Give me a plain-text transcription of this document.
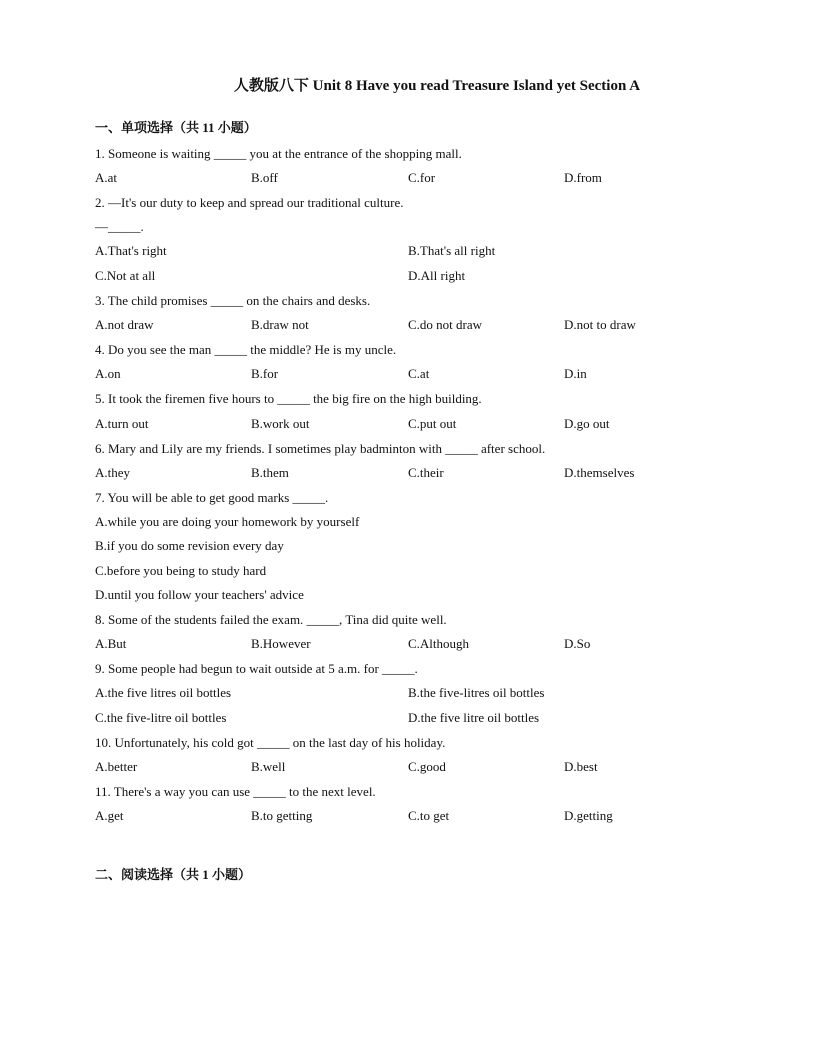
人教版八下 Unit 8 Have you read Treasure Island yet Section A
一、单项选择（共 11 小题）
1. Someone is waiting _____ you at the entrance of the shopping mall.
A.at	B.off	C.for	D.from
2. —It's our duty to keep and spread our traditional culture.
—_____.
A.That's right	B.That's all right
C.Not at all	D.All right
3. The child promises _____ on the chairs and desks.
A.not draw	B.draw not	C.do not draw	D.not to draw
4. Do you see the man _____ the middle? He is my uncle.
A.on	B.for	C.at	D.in
5. It took the firemen five hours to _____ the big fire on the high building.
A.turn out	B.work out	C.put out	D.go out
6. Mary and Lily are my friends. I sometimes play badminton with _____ after school.
A.they	B.them	C.their	D.themselves
7. You will be able to get good marks _____.
A.while you are doing your homework by yourself
B.if you do some revision every day
C.before you being to study hard
D.until you follow your teachers' advice
8. Some of the students failed the exam. _____, Tina did quite well.
A.But	B.However	C.Although	D.So
9. Some people had begun to wait outside at 5 a.m. for _____.
A.the five litres oil bottles	B.the five-litres oil bottles
C.the five-litre oil bottles	D.the five litre oil bottles
10. Unfortunately, his cold got _____ on the last day of his holiday.
A.better	B.well	C.good	D.best
11. There's a way you can use _____ to the next level.
A.get	B.to getting	C.to get	D.getting
二、阅读选择（共 1 小题）
